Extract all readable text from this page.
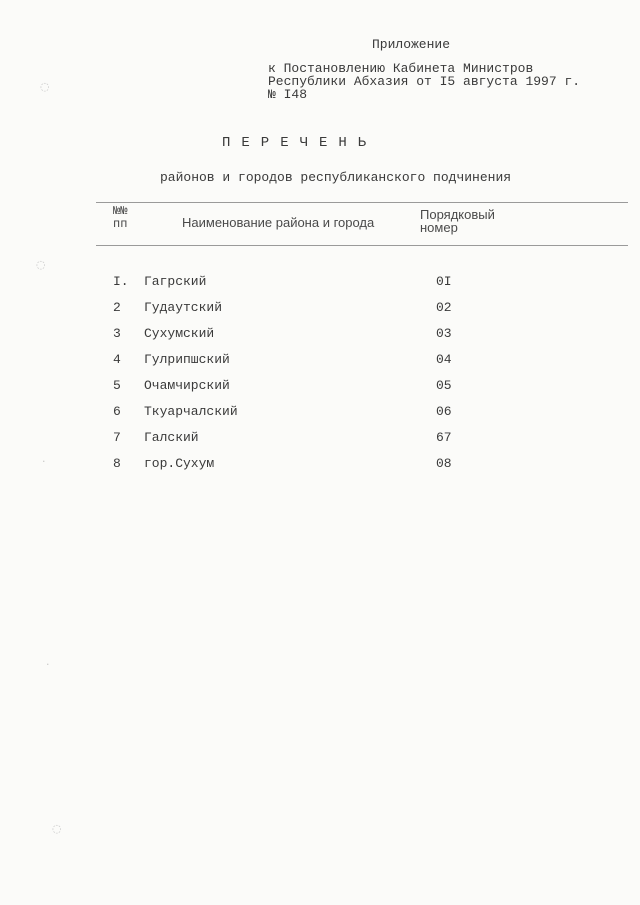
Приложение
к Постановлению Кабинета Министров
Республики Абхазия от I5 августа 1997 г.
№ I48
ПЕРЕЧЕНЬ
районов и городов республиканского подчинения
№№
пп	Наименование района и города
Порядковый
номер
I. Гагрский	0I
2 Гудаутский	02
3 Сухумский	03
4 Гулрипшский	04
5 Очамчирский	05
6 Ткуарчалский	06
7 Галский	67
8 гор.Сухум	08
◌
◌
·
·
◌
